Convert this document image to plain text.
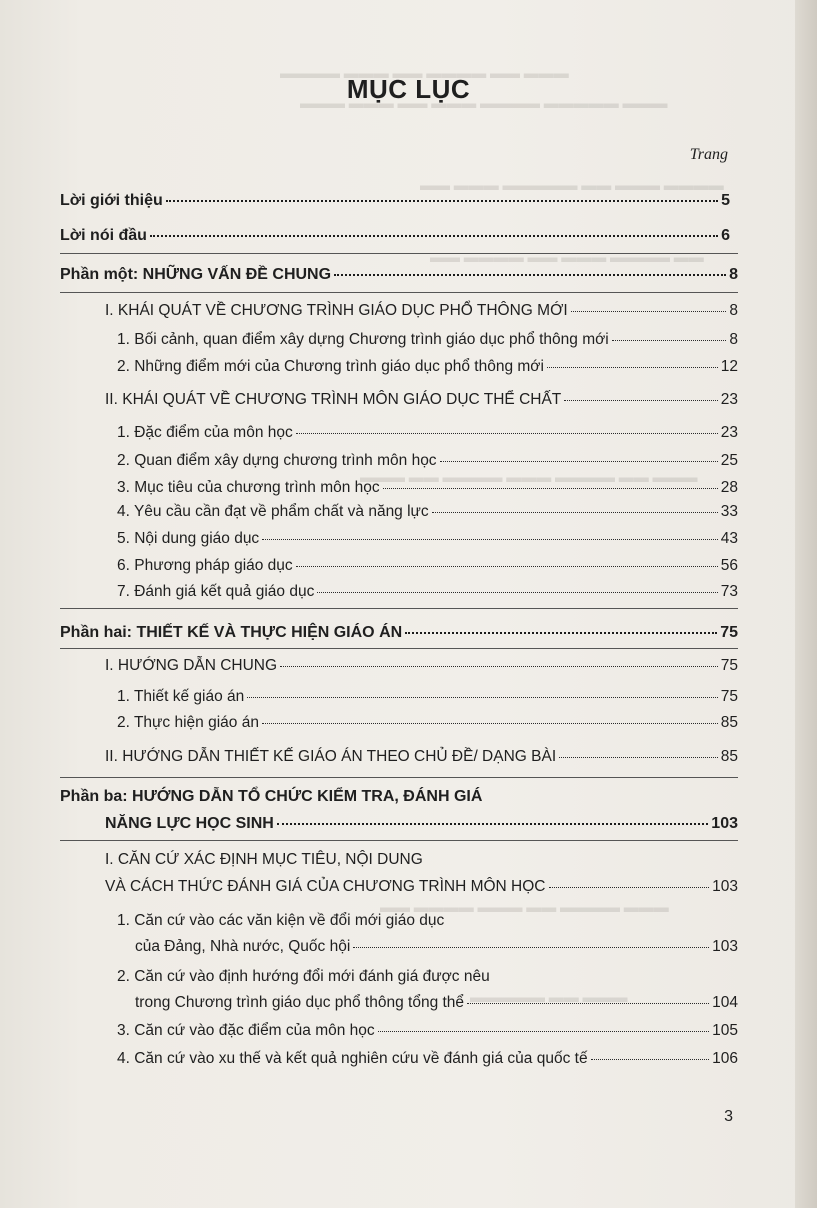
▬▬▬ ▬▬ ▬▬▬▬ ▬▬ ▬▬▬ ▬▬▬▬
▬▬▬ ▬▬▬▬▬ ▬▬▬▬ ▬▬▬ ▬▬ ▬▬▬ ▬▬▬
▬▬▬▬ ▬▬▬ ▬▬ ▬▬▬▬▬ ▬▬▬ ▬▬
▬▬ ▬▬▬▬ ▬▬▬ ▬▬ ▬▬▬▬ ▬▬
▬▬▬ ▬▬ ▬▬▬▬ ▬▬▬ ▬▬▬▬ ▬▬ ▬▬▬
▬▬▬ ▬▬▬▬ ▬▬ ▬▬▬ ▬▬▬▬ ▬▬
▬▬▬ ▬▬ ▬▬▬▬▬
MỤC LỤC
Trang
Lời giới thiệu	5
Lời nói đầu	6
Phần một: NHỮNG VẤN ĐỀ CHUNG	8
I. KHÁI QUÁT VỀ CHƯƠNG TRÌNH GIÁO DỤC PHỔ THÔNG MỚI	8
1. Bối cảnh, quan điểm xây dựng Chương trình giáo dục phổ thông mới	8
2. Những điểm mới của Chương trình giáo dục phổ thông mới	12
II. KHÁI QUÁT VỀ CHƯƠNG TRÌNH MÔN GIÁO DỤC THỂ CHẤT	23
1. Đặc điểm của môn học	23
2. Quan điểm xây dựng chương trình môn học	25
3. Mục tiêu của chương trình môn học	28
4. Yêu cầu cần đạt về phẩm chất và năng lực	33
5. Nội dung giáo dục	43
6. Phương pháp giáo dục	56
7. Đánh giá kết quả giáo dục	73
Phần hai: THIẾT KẾ VÀ THỰC HIỆN GIÁO ÁN	75
I. HƯỚNG DẪN CHUNG	75
1. Thiết kế giáo án	75
2. Thực hiện giáo án	85
II. HƯỚNG DẪN THIẾT KẾ GIÁO ÁN THEO CHỦ ĐỀ/ DẠNG BÀI	85
Phần ba: HƯỚNG DẪN TỔ CHỨC KIỂM TRA, ĐÁNH GIÁ
NĂNG LỰC HỌC SINH	103
I. CĂN CỨ XÁC ĐỊNH MỤC TIÊU, NỘI DUNG
VÀ CÁCH THỨC ĐÁNH GIÁ CỦA CHƯƠNG TRÌNH MÔN HỌC	103
1. Căn cứ vào các văn kiện về đổi mới giáo dục
của Đảng, Nhà nước, Quốc hội	103
2. Căn cứ vào định hướng đổi mới đánh giá được nêu
trong Chương trình giáo dục phổ thông tổng thể	104
3. Căn cứ vào đặc điểm của môn học	105
4. Căn cứ vào xu thế và kết quả nghiên cứu về đánh giá của quốc tế	106
3
